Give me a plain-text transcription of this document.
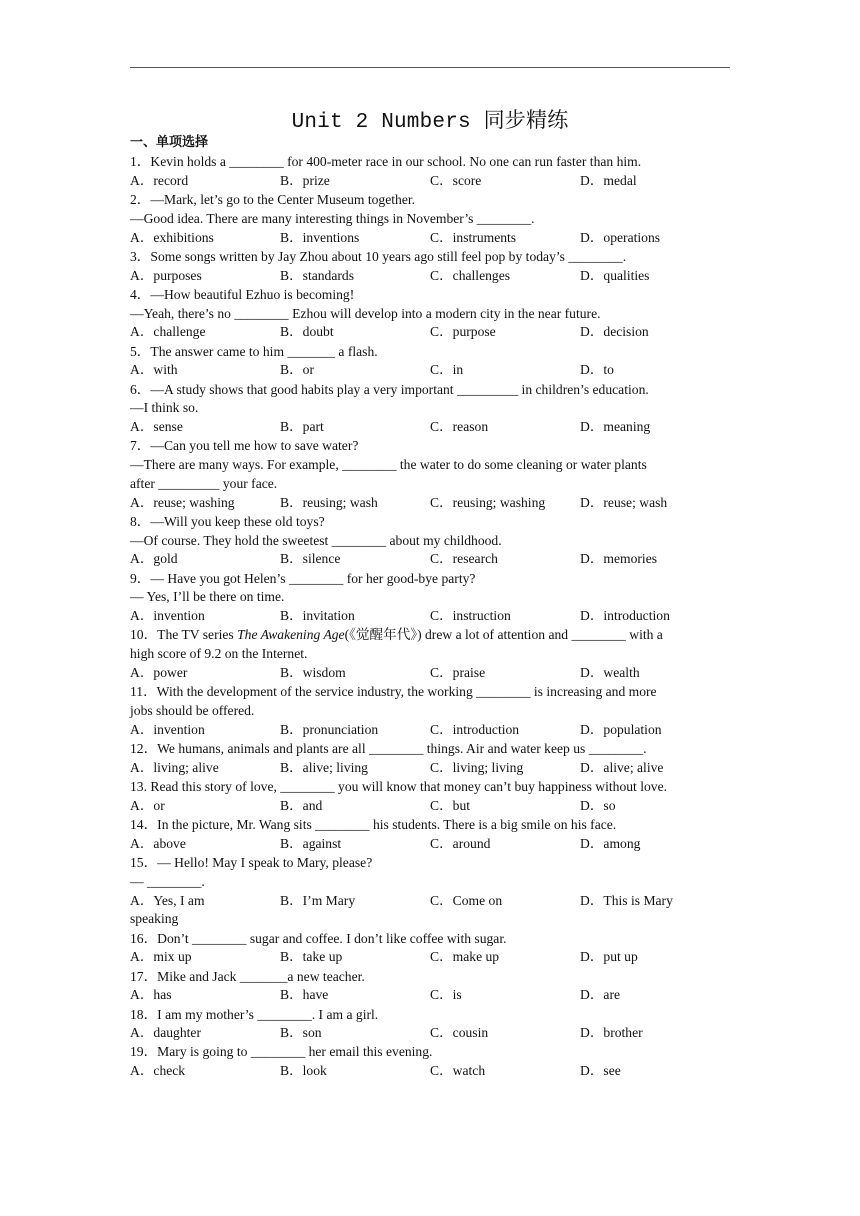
Unit 2 Numbers 同步精练
一、单项选择
1．Kevin holds a ________ for 400-meter race in our school. No one can run faster than him.
A．record	B．prize	C．score	D．medal
2．—Mark, let’s go to the Center Museum together.
—Good idea. There are many interesting things in November’s ________.
A．exhibitions	B．inventions	C．instruments	D．operations
3．Some songs written by Jay Zhou about 10 years ago still feel pop by today’s ________.
A．purposes	B．standards	C．challenges	D．qualities
4．—How beautiful Ezhuo is becoming!
—Yeah, there’s no ________ Ezhou will develop into a modern city in the near future.
A．challenge	B．doubt	C．purpose	D．decision
5．The answer came to him _______ a flash.
A．with	B．or	C．in	D．to
6．—A study shows that good habits play a very important _________ in children’s education.
—I think so.
A．sense	B．part	C．reason	D．meaning
7．—Can you tell me how to save water?
—There are many ways. For example, ________ the water to do some cleaning or water plants
after _________ your face.
A．reuse; washing	B．reusing; wash	C．reusing; washing	D．reuse; wash
8．—Will you keep these old toys?
—Of course. They hold the sweetest ________ about my childhood.
A．gold	B．silence	C．research	D．memories
9．— Have you got Helen’s ________ for her good-bye party?
— Yes, I’ll be there on time.
A．invention	B．invitation	C．instruction	D．introduction
10．The TV series The Awakening Age(《觉醒年代》) drew a lot of attention and ________ with a
high score of 9.2 on the Internet.
A．power	B．wisdom	C．praise	D．wealth
11．With the development of the service industry, the working ________ is increasing and more
jobs should be offered.
A．invention	B．pronunciation	C．introduction	D．population
12．We humans, animals and plants are all ________ things. Air and water keep us ________.
A．living; alive	B．alive; living	C．living; living	D．alive; alive
13. Read this story of love, ________ you will know that money can’t buy happiness without love.
A．or	B．and	C．but	D．so
14．In the picture, Mr. Wang sits ________ his students. There is a big smile on his face.
A．above	B．against	C．around	D．among
15．— Hello! May I speak to Mary, please?
— ________.
A．Yes, I am	B．I’m Mary	C．Come on	D．This is Mary
speaking
16．Don’t ________ sugar and coffee. I don’t like coffee with sugar.
A．mix up	B．take up	C．make up	D．put up
17．Mike and Jack _______a new teacher.
A．has	B．have	C．is	D．are
18．I am my mother’s ________. I am a girl.
A．daughter	B．son	C．cousin	D．brother
19．Mary is going to ________ her email this evening.
A．check	B．look	C．watch	D．see
